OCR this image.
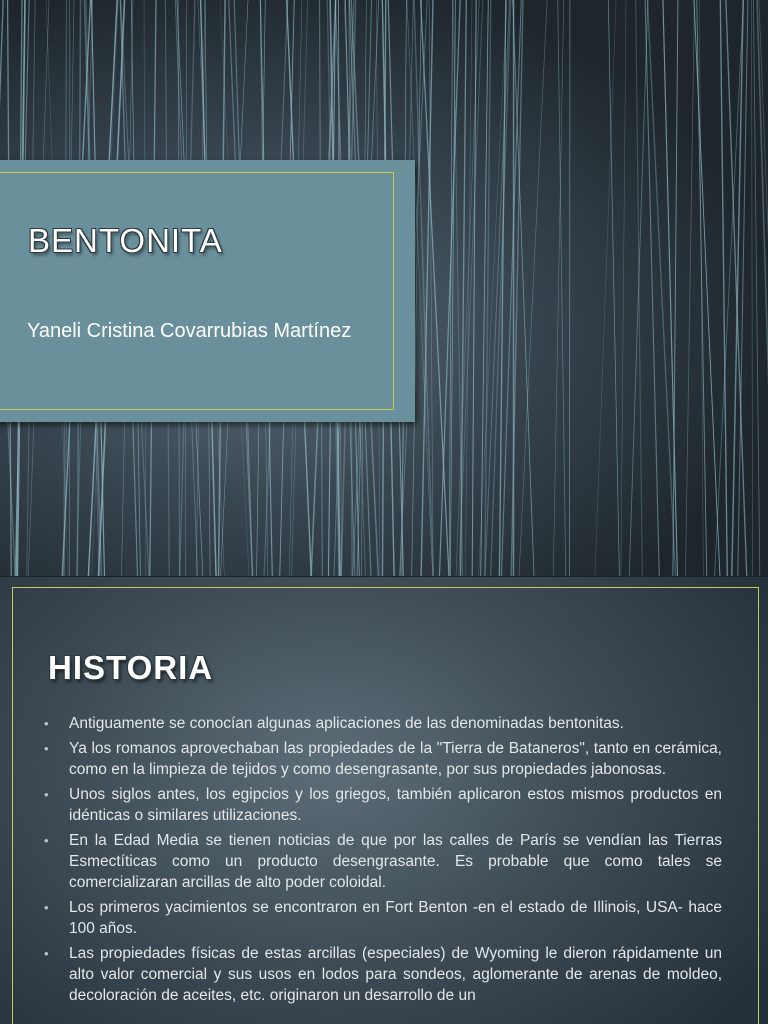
BENTONITA
Yaneli Cristina Covarrubias Martínez
HISTORIA
• Antiguamente se conocían algunas aplicaciones de las denominadas bentonitas.
• Ya los romanos aprovechaban las propiedades de la "Tierra de Bataneros", tanto en cerámica, como en la limpieza de tejidos y como desengrasante, por sus propiedades jabonosas.
• Unos siglos antes, los egipcios y los griegos, también aplicaron estos mismos productos en idénticas o similares utilizaciones.
• En la Edad Media se tienen noticias de que por las calles de París se vendían las Tierras Esmectíticas como un producto desengrasante. Es probable que como tales se comercializaran arcillas de alto poder coloidal.
• Los primeros yacimientos se encontraron en Fort Benton -en el estado de Illinois, USA- hace 100 años.
• Las propiedades físicas de estas arcillas (especiales) de Wyoming le dieron rápidamente un alto valor comercial y sus usos en lodos para sondeos, aglomerante de arenas de moldeo, decoloración de aceites, etc. originaron un desarrollo de un
